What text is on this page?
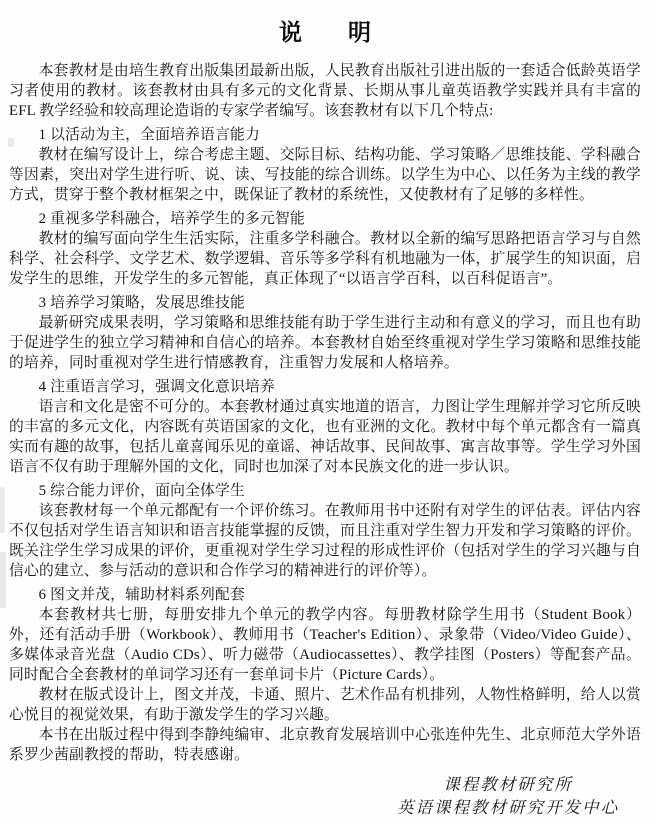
说　　明

本套教材是由培生教育出版集团最新出版，人民教育出版社引进出版的一套适合低龄英语学习者使用的教材。该套教材由具有多元的文化背景、长期从事儿童英语教学实践并具有丰富的 EFL 教学经验和较高理论造诣的专家学者编写。该套教材有以下几个特点:

1 以活动为主，全面培养语言能力

教材在编写设计上，综合考虑主题、交际目标、结构功能、学习策略／思维技能、学科融合等因素，突出对学生进行听、说、读、写技能的综合训练。以学生为中心、以任务为主线的教学方式，贯穿于整个教材框架之中，既保证了教材的系统性，又使教材有了足够的多样性。

2 重视多学科融合，培养学生的多元智能

教材的编写面向学生生活实际，注重多学科融合。教材以全新的编写思路把语言学习与自然科学、社会科学、文学艺术、数学逻辑、音乐等多学科有机地融为一体，扩展学生的知识面，启发学生的思维，开发学生的多元智能，真正体现了“以语言学百科，以百科促语言”。

3 培养学习策略，发展思维技能

最新研究成果表明，学习策略和思维技能有助于学生进行主动和有意义的学习，而且也有助于促进学生的独立学习精神和自信心的培养。本套教材自始至终重视对学生学习策略和思维技能的培养，同时重视对学生进行情感教育，注重智力发展和人格培养。

4 注重语言学习，强调文化意识培养

语言和文化是密不可分的。本套教材通过真实地道的语言，力图让学生理解并学习它所反映的丰富的多元文化，内容既有英语国家的文化，也有亚洲的文化。教材中每个单元都含有一篇真实而有趣的故事，包括儿童喜闻乐见的童谣、神话故事、民间故事、寓言故事等。学生学习外国语言不仅有助于理解外国的文化，同时也加深了对本民族文化的进一步认识。

5 综合能力评价，面向全体学生

该套教材每一个单元都配有一个评价练习。在教师用书中还附有对学生的评估表。评估内容不仅包括对学生语言知识和语言技能掌握的反馈，而且注重对学生智力开发和学习策略的评价。既关注学生学习成果的评价，更重视对学生学习过程的形成性评价（包括对学生的学习兴趣与自信心的建立、参与活动的意识和合作学习的精神进行的评价等）。

6 图文并茂，辅助材料系列配套

本套教材共七册，每册安排九个单元的教学内容。每册教材除学生用书（Student Book）外，还有活动手册（Workbook）、教师用书（Teacher's Edition）、录象带（Video/Video Guide）、多媒体录音光盘（Audio CDs）、听力磁带（Audiocassettes）、教学挂图（Posters）等配套产品。同时配合全套教材的单词学习还有一套单词卡片（Picture Cards）。

教材在版式设计上，图文并茂，卡通、照片、艺术作品有机排列，人物性格鲜明，给人以赏心悦目的视觉效果，有助于激发学生的学习兴趣。

本书在出版过程中得到李静纯编审、北京教育发展培训中心张连仲先生、北京师范大学外语系罗少茜副教授的帮助，特表感谢。

课程教材研究所

英语课程教材研究开发中心
